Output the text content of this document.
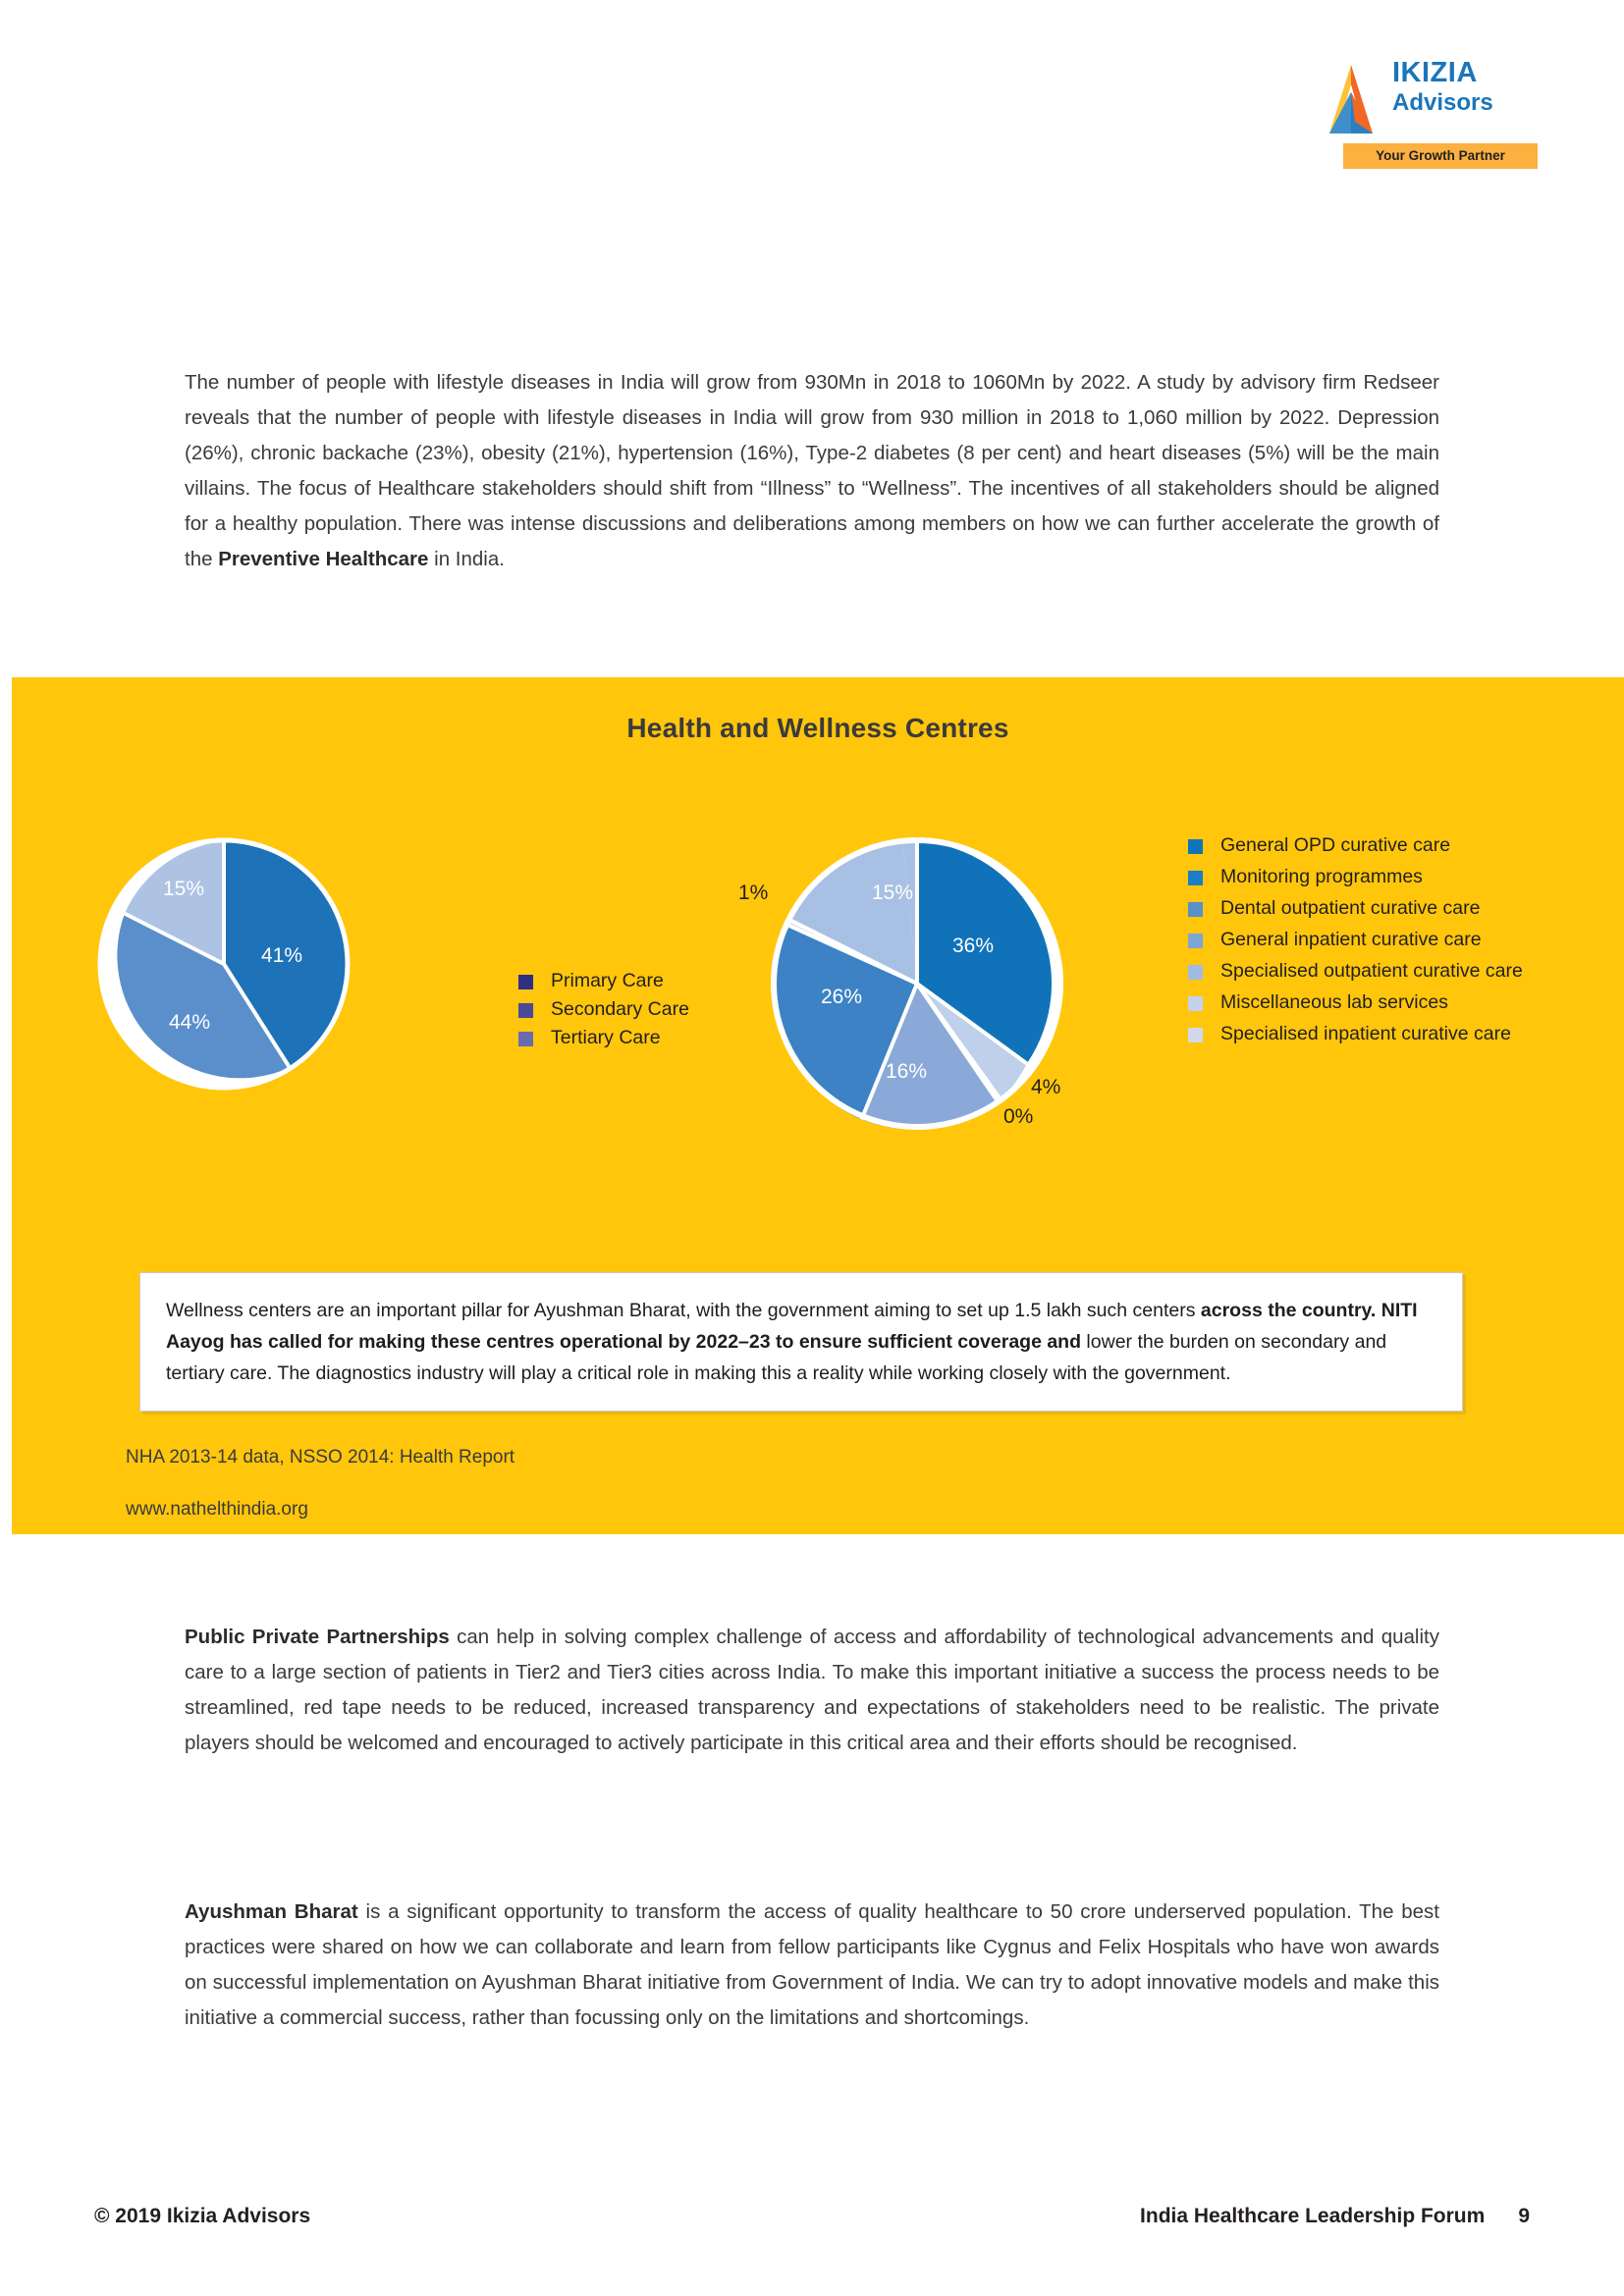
IKIZIA
Advisors
Your Growth Partner
The number of people with lifestyle diseases in India will grow from 930Mn in 2018 to 1060Mn by 2022. A study by advisory firm Redseer reveals that the number of people with lifestyle diseases in India will grow from 930 million in 2018 to 1,060 million by 2022. Depression (26%), chronic backache (23%), obesity (21%), hypertension (16%), Type-2 diabetes (8 per cent) and heart diseases (5%) will be the main villains. The focus of Healthcare stakeholders should shift from “Illness” to “Wellness”. The incentives of all stakeholders should be aligned for a healthy population. There was intense discussions and deliberations among members on how we can further accelerate the growth of the Preventive Healthcare in India.
Health and Wellness Centres
41%
44%
15%
Primary Care
Secondary Care
Tertiary Care
36%
4%
0%
16%
26%
1%	15%
General OPD curative care
Monitoring programmes
Dental outpatient curative care
General inpatient curative care
Specialised outpatient curative care
Miscellaneous lab services
Specialised inpatient curative care
Wellness centers are an important pillar for Ayushman Bharat, with the government aiming to set up 1.5 lakh such centers across the country. NITI Aayog has called for making these centres operational by 2022–23 to ensure sufficient coverage and lower the burden on secondary and tertiary care. The diagnostics industry will play a critical role in making this a reality while working closely with the government.
NHA 2013-14 data, NSSO 2014: Health Report
www.nathelthindia.org
Public Private Partnerships can help in solving complex challenge of access and affordability of technological advancements and quality care to a large section of patients in Tier2 and Tier3 cities across India. To make this important initiative a success the process needs to be streamlined, red tape needs to be reduced, increased transparency and expectations of stakeholders need to be realistic. The private players should be welcomed and encouraged to actively participate in this critical area and their efforts should be recognised.
Ayushman Bharat is a significant opportunity to transform the access of quality healthcare to 50 crore underserved population. The best practices were shared on how we can collaborate and learn from fellow participants like Cygnus and Felix Hospitals who have won awards on successful implementation on Ayushman Bharat initiative from Government of India. We can try to adopt innovative models and make this initiative a commercial success, rather than focussing only on the limitations and shortcomings.
© 2019 Ikizia Advisors	India Healthcare Leadership Forum 9
